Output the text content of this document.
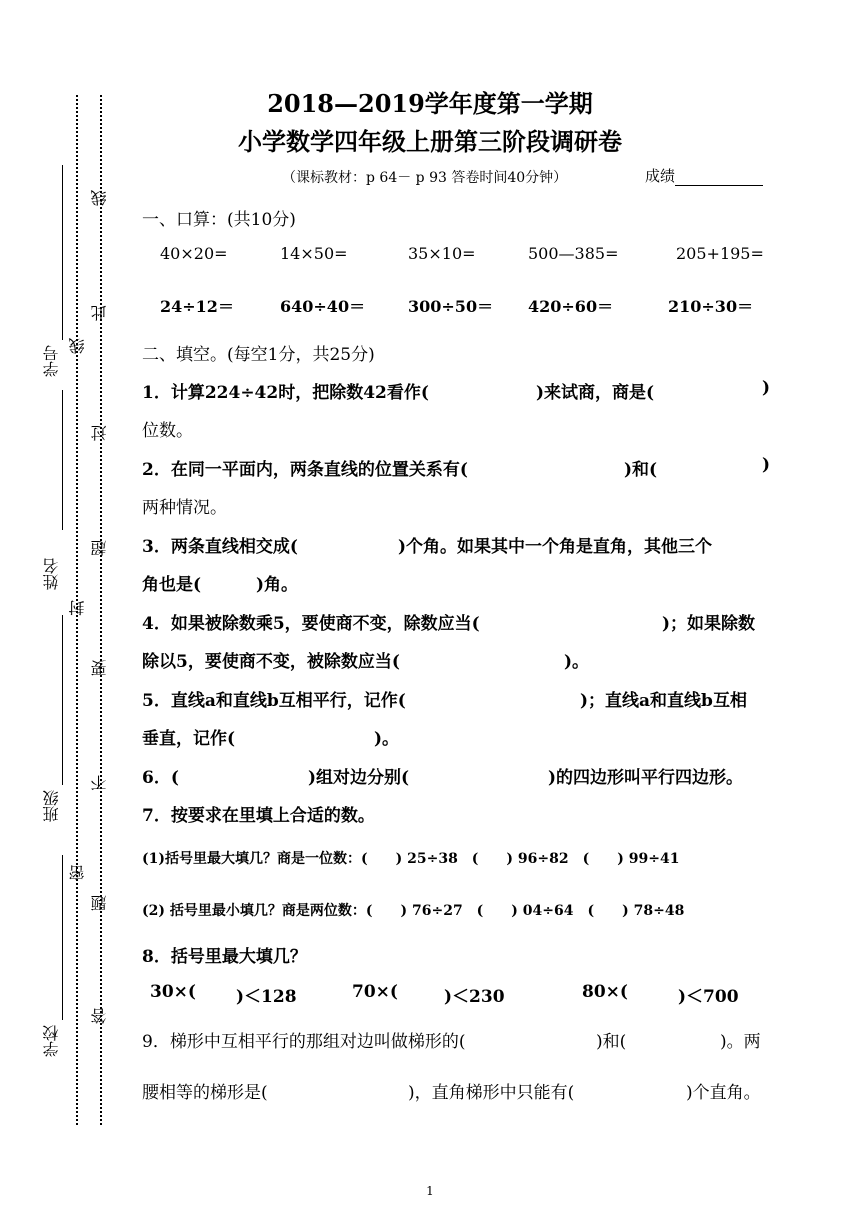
学号
姓名
班级
学校
线
此
线
过
超
封
要
不
密
题
答
2018—2019学年度第一学期
小学数学四年级上册第三阶段调研卷
（课标教材：p 64－ p 93 答卷时间40分钟）	成绩
一、口算：(共10分)
40×20=	14×50=	35×10=	500—385=	205+195=
24÷12＝	640÷40＝	300÷50＝ 420÷60＝	210÷30＝
二、填空。(每空1分，共25分)
1．计算224÷42时，把除数42看作(	)来试商，商是(	)
位数。
2．在同一平面内，两条直线的位置关系有(	)和(	)
两种情况。
3．两条直线相交成(	)个角。如果其中一个角是直角，其他三个
角也是(	)角。
4．如果被除数乘5，要使商不变，除数应当(	)；如果除数
除以5，要使商不变，被除数应当(	)。
5．直线a和直线b互相平行，记作(	)；直线a和直线b互相
垂直，记作(	)。
6．(	)组对边分别(	)的四边形叫平行四边形。
7．按要求在里填上合适的数。
(1)括号里最大填几？商是一位数：(　　) 25÷38　(　　) 96÷82　(　　) 99÷41
(2) 括号里最小填几？商是两位数：(　　) 76÷27　(　　) 04÷64　(　　) 78÷48
8．括号里最大填几？
30×( )＜128	70×(	)＜230	80×(	)＜700
9．梯形中互相平行的那组对边叫做梯形的(	)和(	)。两
腰相等的梯形是(	)，直角梯形中只能有(	)个直角。
1
